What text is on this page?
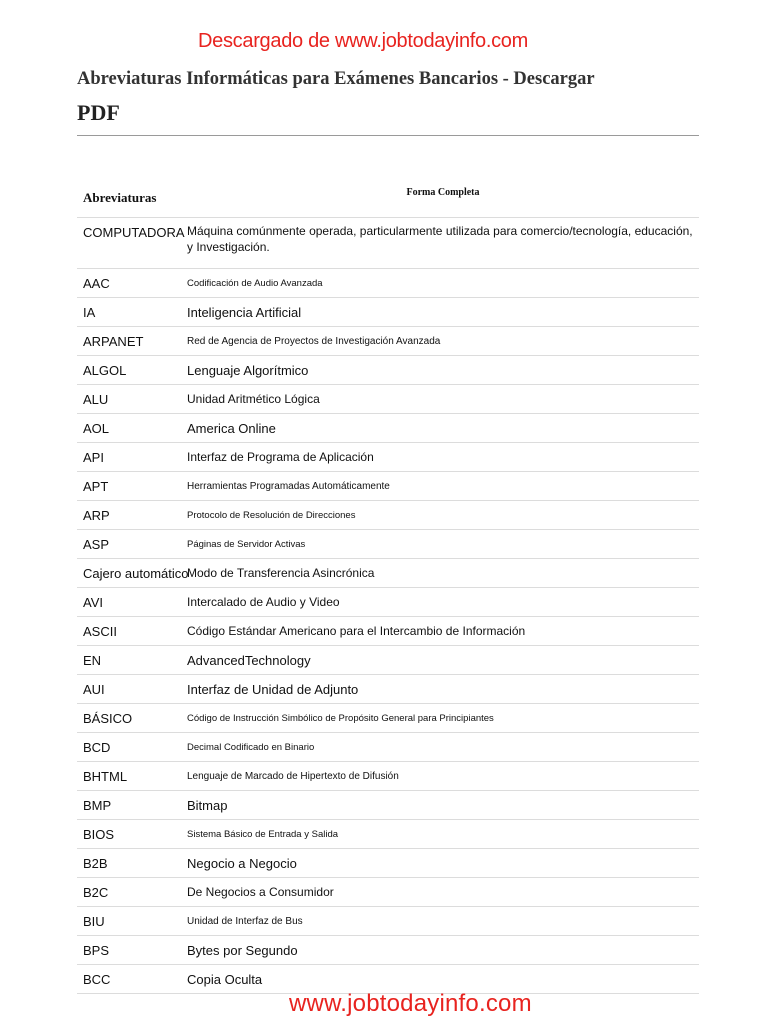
Descargado de www.jobtodayinfo.com
Abreviaturas Informáticas para Exámenes Bancarios - Descargar
PDF
Abreviaturas	Forma Completa
COMPUTADORA	Máquina comúnmente operada, particularmente utilizada para comercio/tecnología, educación, y Investigación.
AAC	Codificación de Audio Avanzada
IA	Inteligencia Artificial
ARPANET	Red de Agencia de Proyectos de Investigación Avanzada
ALGOL	Lenguaje Algorítmico
ALU	Unidad Aritmético Lógica
AOL	America Online
API	Interfaz de Programa de Aplicación
APT	Herramientas Programadas Automáticamente
ARP	Protocolo de Resolución de Direcciones
ASP	Páginas de Servidor Activas
Cajero automático	Modo de Transferencia Asincrónica
AVI	Intercalado de Audio y Video
ASCII	Código Estándar Americano para el Intercambio de Información
EN	AdvancedTechnology
AUI	Interfaz de Unidad de Adjunto
BÁSICO	Código de Instrucción Simbólico de Propósito General para Principiantes
BCD	Decimal Codificado en Binario
BHTML	Lenguaje de Marcado de Hipertexto de Difusión
BMP	Bitmap
BIOS	Sistema Básico de Entrada y Salida
B2B	Negocio a Negocio
B2C	De Negocios a Consumidor
BIU	Unidad de Interfaz de Bus
BPS	Bytes por Segundo
BCC	Copia Oculta
www.jobtodayinfo.com
